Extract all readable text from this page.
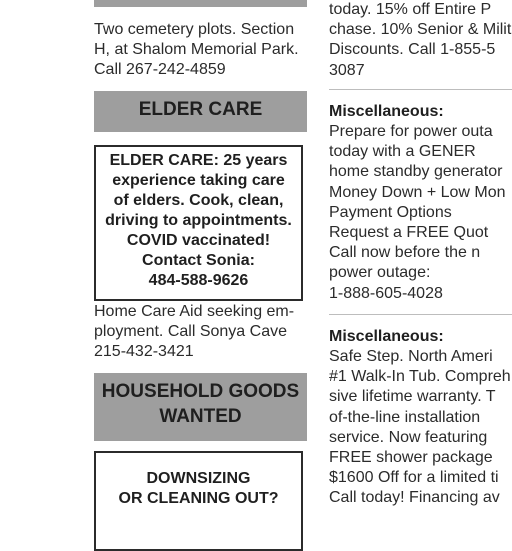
Two cemetery plots. Section
H, at Shalom Memorial Park.
Call 267-242-4859
ELDER CARE
ELDER CARE: 25 years
experience taking care
of elders. Cook, clean,
driving to appointments.
COVID vaccinated!
Contact Sonia:
484-588-9626
Home Care Aid seeking em-
ployment. Call Sonya Cave
215-432-3421
HOUSEHOLD GOODS
WANTED
DOWNSIZING
OR CLEANING OUT?
today. 15% off Entire P
chase. 10% Senior & Milit
Discounts. Call 1-855-5
3087
Miscellaneous:
Prepare for power outa
today with a GENER
home standby generator
Money Down + Low Mon
Payment Options
Request a FREE Quot
Call now before the n
power outage:
1-888-605-4028
Miscellaneous:
Safe Step. North Ameri
#1 Walk-In Tub. Compreh
sive lifetime warranty. T
of-the-line installation
service. Now featuring
FREE shower package
$1600 Off for a limited ti
Call today! Financing av
